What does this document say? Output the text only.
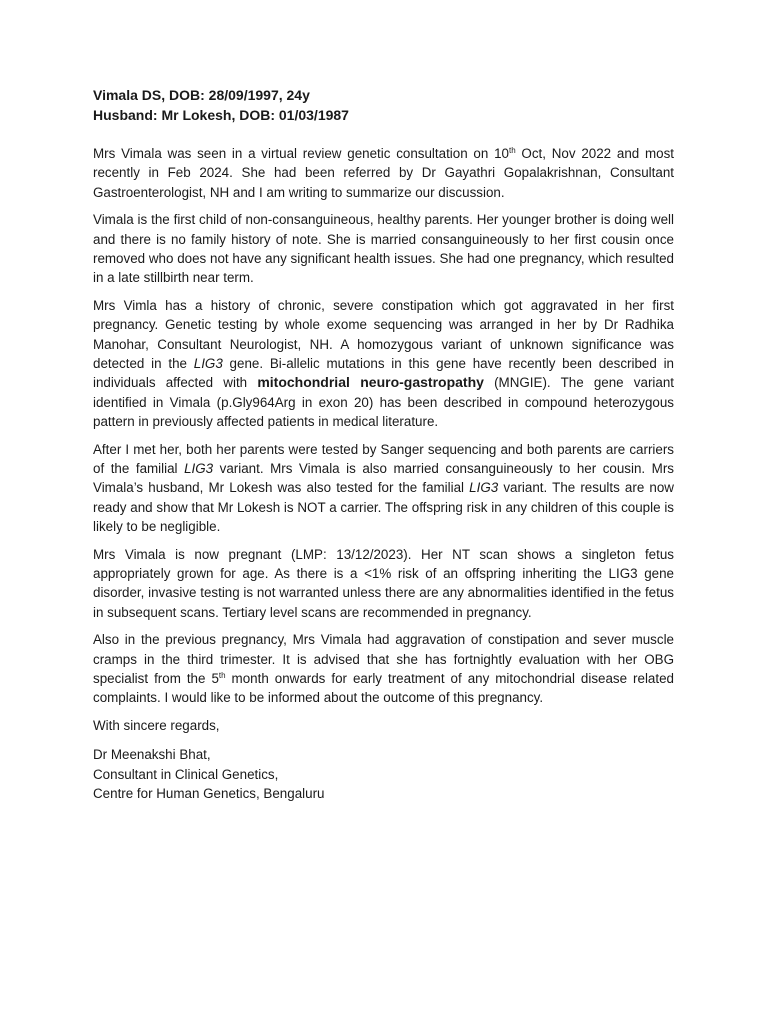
Vimala DS, DOB: 28/09/1997, 24y
Husband: Mr Lokesh, DOB: 01/03/1987

Mrs Vimala was seen in a virtual review genetic consultation on 10th Oct, Nov 2022 and most recently in Feb 2024. She had been referred by Dr Gayathri Gopalakrishnan, Consultant Gastroenterologist, NH and I am writing to summarize our discussion.

Vimala is the first child of non-consanguineous, healthy parents. Her younger brother is doing well and there is no family history of note. She is married consanguineously to her first cousin once removed who does not have any significant health issues. She had one pregnancy, which resulted in a late stillbirth near term.

Mrs Vimla has a history of chronic, severe constipation which got aggravated in her first pregnancy. Genetic testing by whole exome sequencing was arranged in her by Dr Radhika Manohar, Consultant Neurologist, NH. A homozygous variant of unknown significance was detected in the LIG3 gene. Bi-allelic mutations in this gene have recently been described in individuals affected with mitochondrial neuro-gastropathy (MNGIE). The gene variant identified in Vimala (p.Gly964Arg in exon 20) has been described in compound heterozygous pattern in previously affected patients in medical literature.

After I met her, both her parents were tested by Sanger sequencing and both parents are carriers of the familial LIG3 variant. Mrs Vimala is also married consanguineously to her cousin. Mrs Vimala’s husband, Mr Lokesh was also tested for the familial LIG3 variant. The results are now ready and show that Mr Lokesh is NOT a carrier. The offspring risk in any children of this couple is likely to be negligible.

Mrs Vimala is now pregnant (LMP: 13/12/2023). Her NT scan shows a singleton fetus appropriately grown for age. As there is a <1% risk of an offspring inheriting the LIG3 gene disorder, invasive testing is not warranted unless there are any abnormalities identified in the fetus in subsequent scans. Tertiary level scans are recommended in pregnancy.

Also in the previous pregnancy, Mrs Vimala had aggravation of constipation and sever muscle cramps in the third trimester. It is advised that she has fortnightly evaluation with her OBG specialist from the 5th month onwards for early treatment of any mitochondrial disease related complaints. I would like to be informed about the outcome of this pregnancy.

With sincere regards,
Dr Meenakshi Bhat,
Consultant in Clinical Genetics,
Centre for Human Genetics, Bengaluru
